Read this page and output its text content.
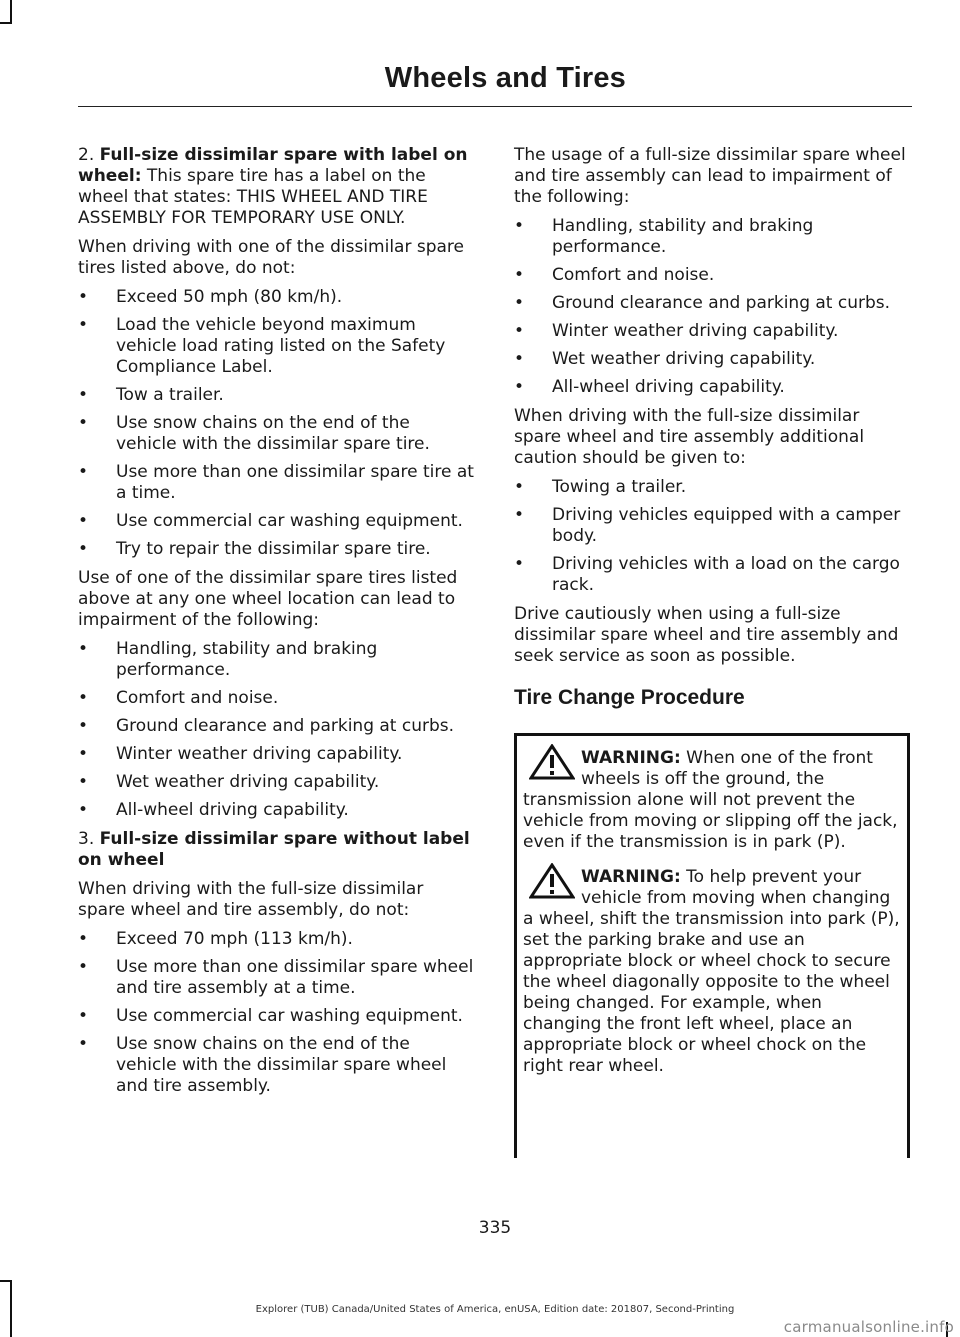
Wheels and Tires

2. Full-size dissimilar spare with label on wheel: This spare tire has a label on the wheel that states: THIS WHEEL AND TIRE ASSEMBLY FOR TEMPORARY USE ONLY.

When driving with one of the dissimilar spare tires listed above, do not:

• Exceed 50 mph (80 km/h).
• Load the vehicle beyond maximum vehicle load rating listed on the Safety Compliance Label.
• Tow a trailer.
• Use snow chains on the end of the vehicle with the dissimilar spare tire.
• Use more than one dissimilar spare tire at a time.
• Use commercial car washing equipment.
• Try to repair the dissimilar spare tire.

Use of one of the dissimilar spare tires listed above at any one wheel location can lead to impairment of the following:

• Handling, stability and braking performance.
• Comfort and noise.
• Ground clearance and parking at curbs.
• Winter weather driving capability.
• Wet weather driving capability.
• All-wheel driving capability.

3. Full-size dissimilar spare without label on wheel

When driving with the full-size dissimilar spare wheel and tire assembly, do not:

• Exceed 70 mph (113 km/h).
• Use more than one dissimilar spare wheel and tire assembly at a time.
• Use commercial car washing equipment.
• Use snow chains on the end of the vehicle with the dissimilar spare wheel and tire assembly.

The usage of a full-size dissimilar spare wheel and tire assembly can lead to impairment of the following:

• Handling, stability and braking performance.
• Comfort and noise.
• Ground clearance and parking at curbs.
• Winter weather driving capability.
• Wet weather driving capability.
• All-wheel driving capability.

When driving with the full-size dissimilar spare wheel and tire assembly additional caution should be given to:

• Towing a trailer.
• Driving vehicles equipped with a camper body.
• Driving vehicles with a load on the cargo rack.

Drive cautiously when using a full-size dissimilar spare wheel and tire assembly and seek service as soon as possible.

Tire Change Procedure
WARNING: When one of the front wheels is off the ground, the transmission alone will not prevent the vehicle from moving or slipping off the jack, even if the transmission is in park (P).
WARNING: To help prevent your vehicle from moving when changing a wheel, shift the transmission into park (P), set the parking brake and use an appropriate block or wheel chock to secure the wheel diagonally opposite to the wheel being changed. For example, when changing the front left wheel, place an appropriate block or wheel chock on the right rear wheel.
335
Explorer (TUB) Canada/United States of America, enUSA, Edition date: 201807, Second-Printing
carmanualsonline.info
